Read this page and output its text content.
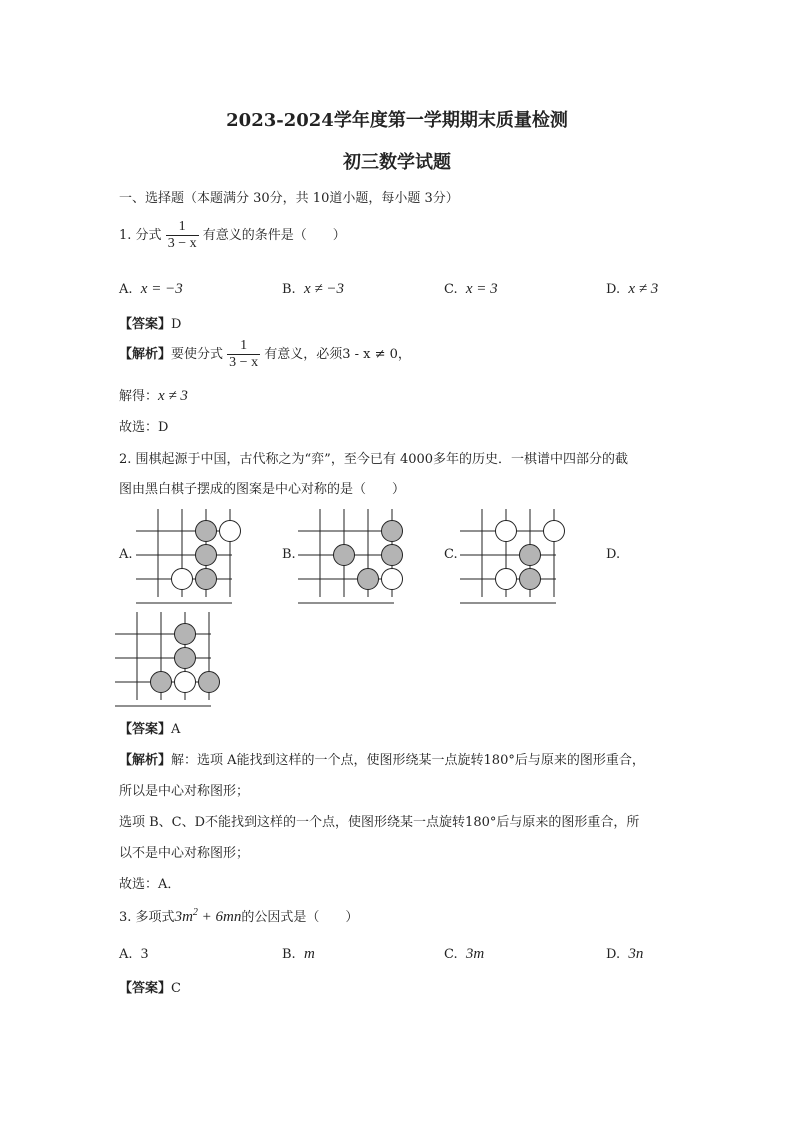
2023-2024学年度第一学期期末质量检测
初三数学试题
一、选择题（本题满分 30分，共 10道小题，每小题 3分）
1. 分式 $\frac{1}{3 - x}$ 有意义的条件是（　　）
A. x = −3	B. x ≠ −3	C. x = 3	D. x ≠ 3
【答案】D
【解析】要使分式 $\frac{1}{3 - x}$ 有意义，必须3 - x ≠ 0，
解得：x ≠ 3
故选：D
2. 围棋起源于中国，古代称之为“弈”，至今已有 4000多年的历史．一棋谱中四部分的截
图由黑白棋子摆成的图案是中心对称的是（　　）
A.	B.	C.	D.
【答案】A
【解析】解：选项 A能找到这样的一个点，使图形绕某一点旋转180°后与原来的图形重合，
所以是中心对称图形；
选项 B、C、D不能找到这样的一个点，使图形绕某一点旋转180°后与原来的图形重合，所
以不是中心对称图形；
故选：A．
3. 多项式$3m^2 + 6mn$的公因式是（　　）
A. 3	B. m	C. 3m	D. 3n
【答案】C
